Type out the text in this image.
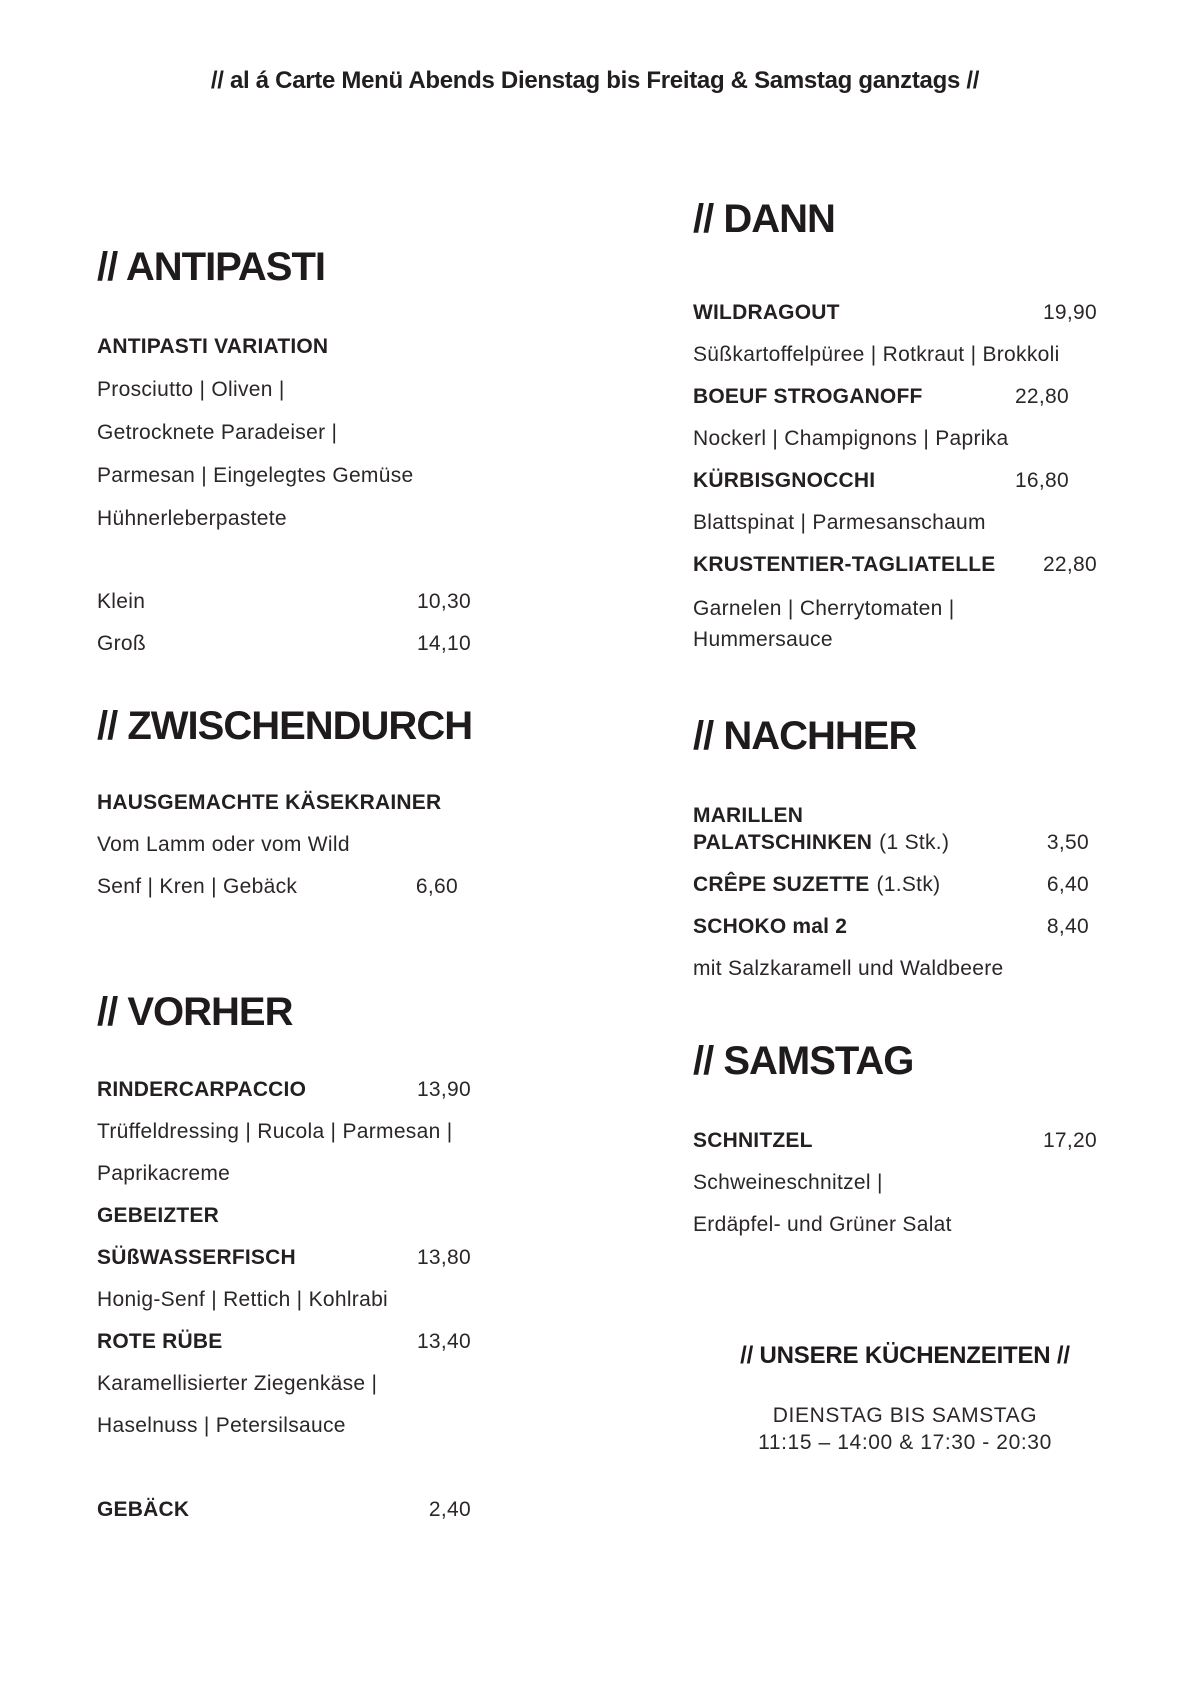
// al á Carte Menü Abends Dienstag bis Freitag & Samstag ganztags //
// ANTIPASTI
ANTIPASTI VARIATION
Prosciutto | Oliven |
Getrocknete Paradeiser |
Parmesan | Eingelegtes Gemüse
Hühnerleberpastete
Klein	10,30
Groß	14,10
// ZWISCHENDURCH
HAUSGEMACHTE KÄSEKRAINER
Vom Lamm oder vom Wild
Senf | Kren | Gebäck	6,60
// VORHER
RINDERCARPACCIO	13,90
Trüffeldressing | Rucola | Parmesan |
Paprikacreme
GEBEIZTER
SÜßWASSERFISCH	13,80
Honig-Senf | Rettich | Kohlrabi
ROTE RÜBE	13,40
Karamellisierter Ziegenkäse |
Haselnuss | Petersilsauce
GEBÄCK	2,40
// DANN
WILDRAGOUT	19,90
Süßkartoffelpüree | Rotkraut | Brokkoli
BOEUF STROGANOFF	22,80
Nockerl | Champignons | Paprika
KÜRBISGNOCCHI	16,80
Blattspinat | Parmesanschaum
KRUSTENTIER-TAGLIATELLE 22,80
Garnelen | Cherrytomaten |
Hummersauce
// NACHHER
MARILLEN
PALATSCHINKEN (1 Stk.)	3,50
CRÊPE SUZETTE (1.Stk)	6,40
SCHOKO mal 2	8,40
mit Salzkaramell und Waldbeere
// SAMSTAG
SCHNITZEL	17,20
Schweineschnitzel |
Erdäpfel- und Grüner Salat
// UNSERE KÜCHENZEITEN //
DIENSTAG BIS SAMSTAG
11:15 – 14:00 & 17:30 - 20:30
